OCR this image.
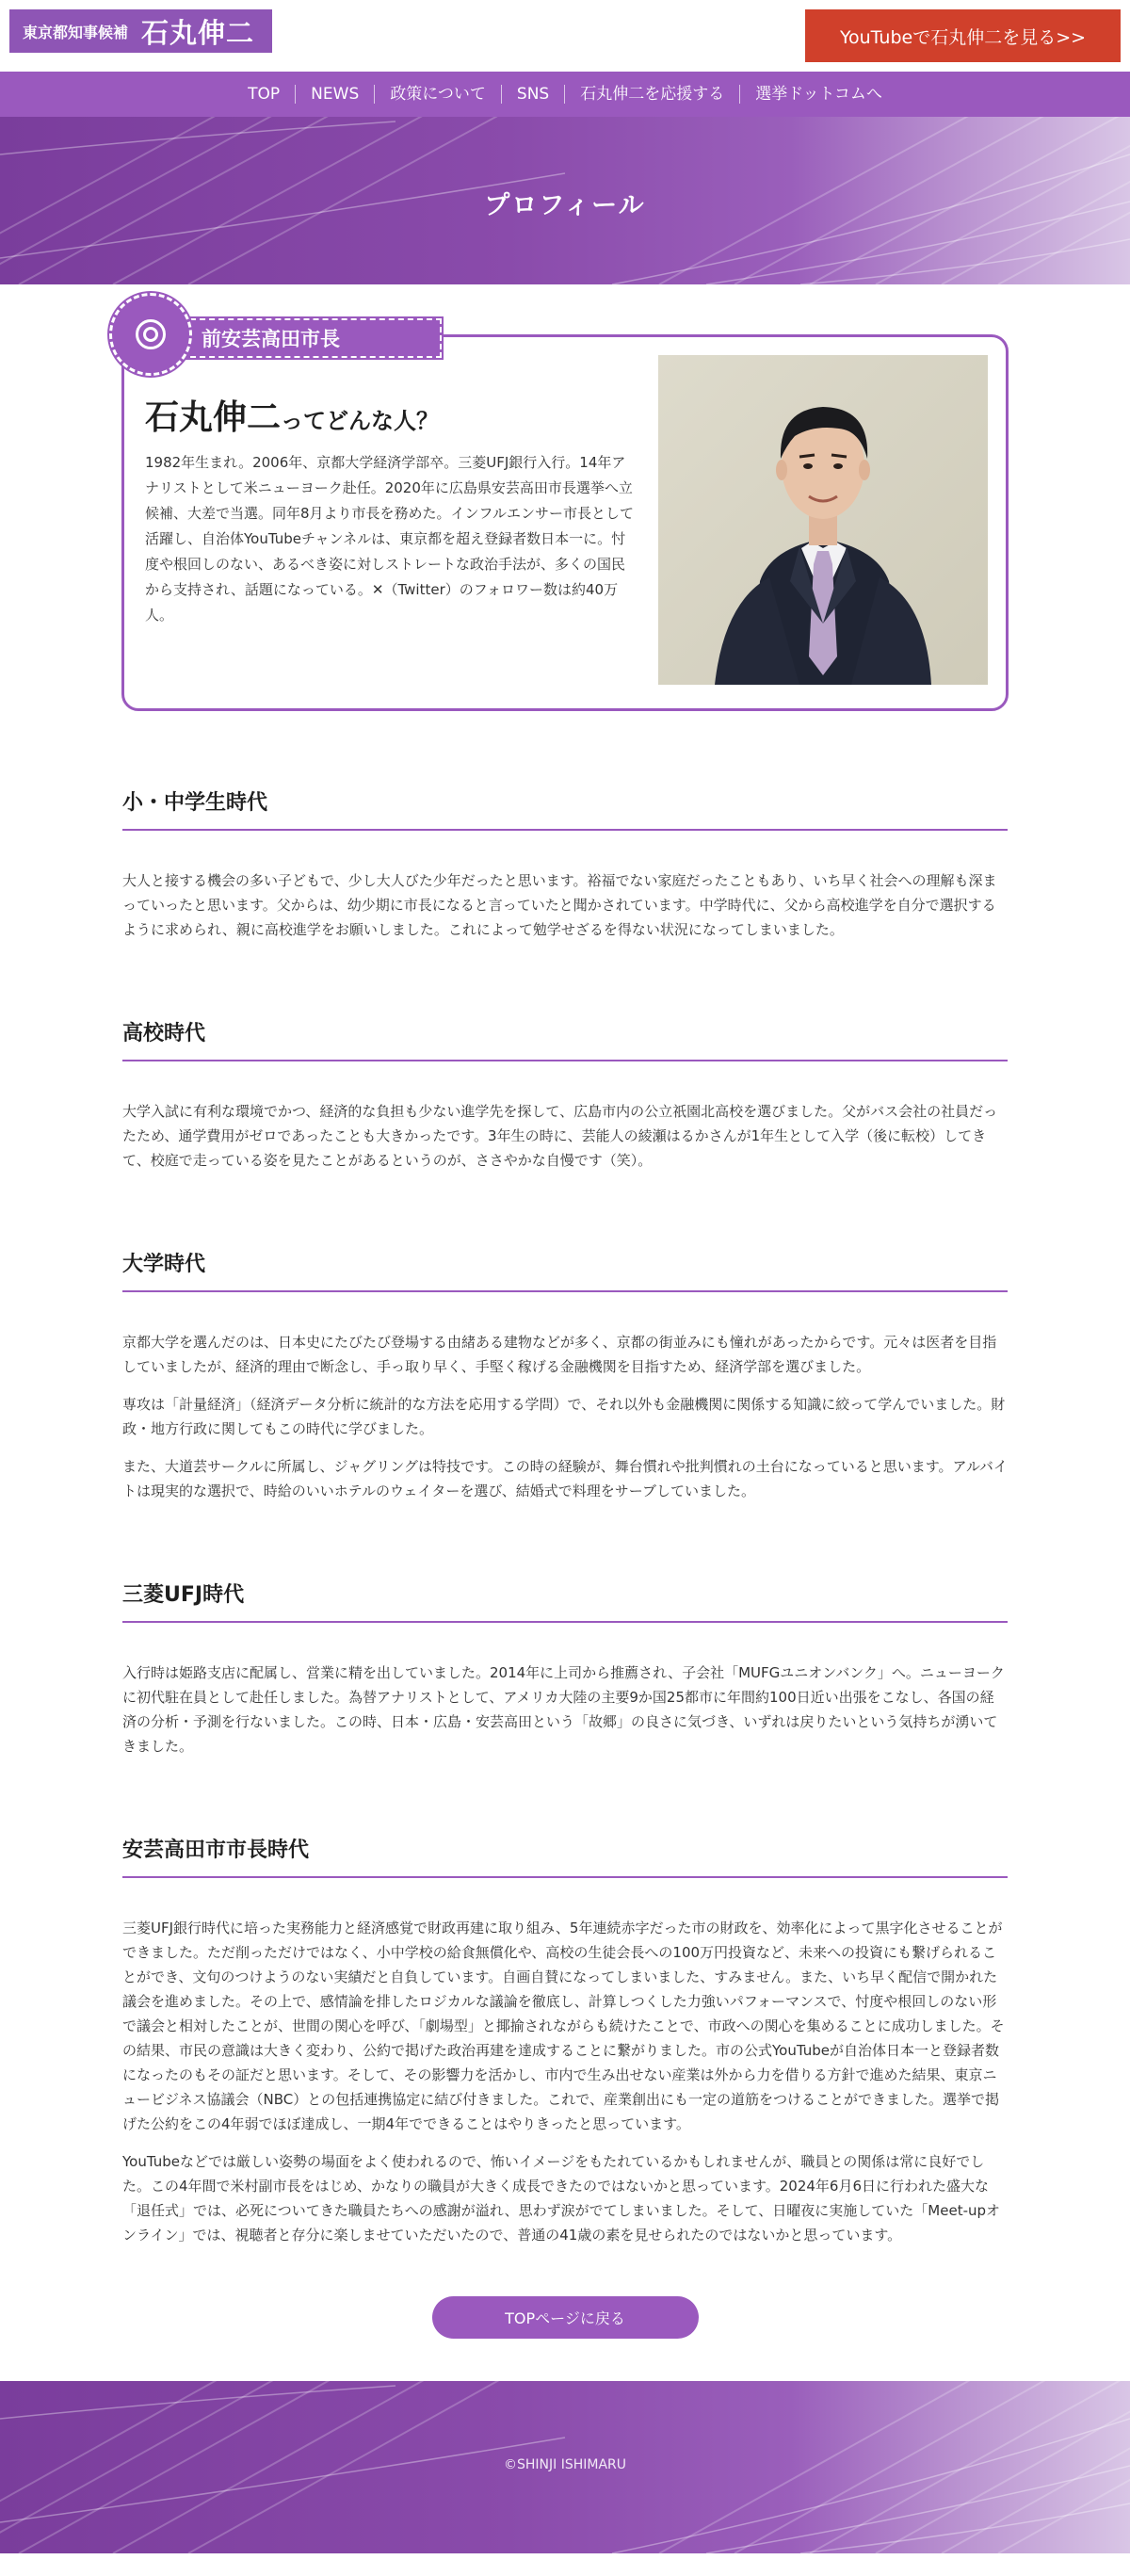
東京都知事候補 石丸伸二	YouTubeで石丸伸二を見る>>
TOP	NEWS	政策について	SNS	石丸伸二を応援する	選挙ドットコムへ
プロフィール
前安芸高田市長
石丸伸二ってどんな人？
1982年生まれ。2006年、京都大学経済学部卒。三菱UFJ銀行入行。14年アナリストとして米ニューヨーク赴任。2020年に広島県安芸高田市長選挙へ立候補、大差で当選。同年8月より市長を務めた。インフルエンサー市長として活躍し、自治体YouTubeチャンネルは、東京都を超え登録者数日本一に。忖度や根回しのない、あるべき姿に対しストレートな政治手法が、多くの国民から支持され、話題になっている。✕（Twitter）のフォロワー数は約40万人。
小・中学生時代

大人と接する機会の多い子どもで、少し大人びた少年だったと思います。裕福でない家庭だったこともあり、いち早く社会への理解も深まっていったと思います。父からは、幼少期に市長になると言っていたと聞かされています。中学時代に、父から高校進学を自分で選択するように求められ、親に高校進学をお願いしました。これによって勉学せざるを得ない状況になってしまいました。

高校時代

大学入試に有利な環境でかつ、経済的な負担も少ない進学先を探して、広島市内の公立祇園北高校を選びました。父がバス会社の社員だったため、通学費用がゼロであったことも大きかったです。3年生の時に、芸能人の綾瀬はるかさんが1年生として入学（後に転校）してきて、校庭で走っている姿を見たことがあるというのが、ささやかな自慢です（笑）。

大学時代

京都大学を選んだのは、日本史にたびたび登場する由緒ある建物などが多く、京都の街並みにも憧れがあったからです。元々は医者を目指していましたが、経済的理由で断念し、手っ取り早く、手堅く稼げる金融機関を目指すため、経済学部を選びました。

専攻は「計量経済」（経済データ分析に統計的な方法を応用する学問）で、それ以外も金融機関に関係する知識に絞って学んでいました。財政・地方行政に関してもこの時代に学びました。

また、大道芸サークルに所属し、ジャグリングは特技です。この時の経験が、舞台慣れや批判慣れの土台になっていると思います。アルバイトは現実的な選択で、時給のいいホテルのウェイターを選び、結婚式で料理をサーブしていました。

三菱UFJ時代

入行時は姫路支店に配属し、営業に精を出していました。2014年に上司から推薦され、子会社「MUFGユニオンバンク」へ。ニューヨークに初代駐在員として赴任しました。為替アナリストとして、アメリカ大陸の主要9か国25都市に年間約100日近い出張をこなし、各国の経済の分析・予測を行ないました。この時、日本・広島・安芸高田という「故郷」の良さに気づき、いずれは戻りたいという気持ちが湧いてきました。

安芸高田市市長時代

三菱UFJ銀行時代に培った実務能力と経済感覚で財政再建に取り組み、5年連続赤字だった市の財政を、効率化によって黒字化させることができました。ただ削っただけではなく、小中学校の給食無償化や、高校の生徒会長への100万円投資など、未来への投資にも繋げられることができ、文句のつけようのない実績だと自負しています。自画自賛になってしまいました、すみません。また、いち早く配信で開かれた議会を進めました。その上で、感情論を排したロジカルな議論を徹底し、計算しつくした力強いパフォーマンスで、忖度や根回しのない形で議会と相対したことが、世間の関心を呼び、「劇場型」と揶揄されながらも続けたことで、市政への関心を集めることに成功しました。その結果、市民の意識は大きく変わり、公約で掲げた政治再建を達成することに繋がりました。市の公式YouTubeが自治体日本一と登録者数になったのもその証だと思います。そして、その影響力を活かし、市内で生み出せない産業は外から力を借りる方針で進めた結果、東京ニュービジネス協議会（NBC）との包括連携協定に結び付きました。これで、産業創出にも一定の道筋をつけることができました。選挙で掲げた公約をこの4年弱でほぼ達成し、一期4年でできることはやりきったと思っています。

YouTubeなどでは厳しい姿勢の場面をよく使われるので、怖いイメージをもたれているかもしれませんが、職員との関係は常に良好でした。この4年間で米村副市長をはじめ、かなりの職員が大きく成長できたのではないかと思っています。2024年6月6日に行われた盛大な「退任式」では、必死についてきた職員たちへの感謝が溢れ、思わず涙がでてしまいました。そして、日曜夜に実施していた「Meet-upオンライン」では、視聴者と存分に楽しませていただいたので、普通の41歳の素を見せられたのではないかと思っています。

TOPページに戻る
©SHINJI ISHIMARU
